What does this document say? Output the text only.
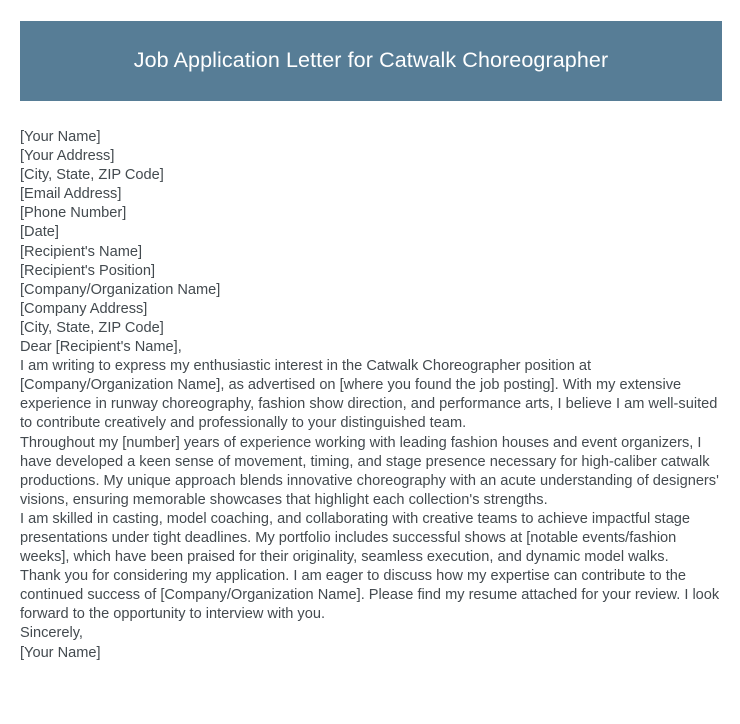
Job Application Letter for Catwalk Choreographer
[Your Name]
[Your Address]
[City, State, ZIP Code]
[Email Address]
[Phone Number]
[Date]
[Recipient's Name]
[Recipient's Position]
[Company/Organization Name]
[Company Address]
[City, State, ZIP Code]
Dear [Recipient's Name],
I am writing to express my enthusiastic interest in the Catwalk Choreographer position at [Company/Organization Name], as advertised on [where you found the job posting]. With my extensive experience in runway choreography, fashion show direction, and performance arts, I believe I am well-suited to contribute creatively and professionally to your distinguished team.
Throughout my [number] years of experience working with leading fashion houses and event organizers, I have developed a keen sense of movement, timing, and stage presence necessary for high-caliber catwalk productions. My unique approach blends innovative choreography with an acute understanding of designers' visions, ensuring memorable showcases that highlight each collection's strengths.
I am skilled in casting, model coaching, and collaborating with creative teams to achieve impactful stage presentations under tight deadlines. My portfolio includes successful shows at [notable events/fashion weeks], which have been praised for their originality, seamless execution, and dynamic model walks.
Thank you for considering my application. I am eager to discuss how my expertise can contribute to the continued success of [Company/Organization Name]. Please find my resume attached for your review. I look forward to the opportunity to interview with you.
Sincerely,
[Your Name]
